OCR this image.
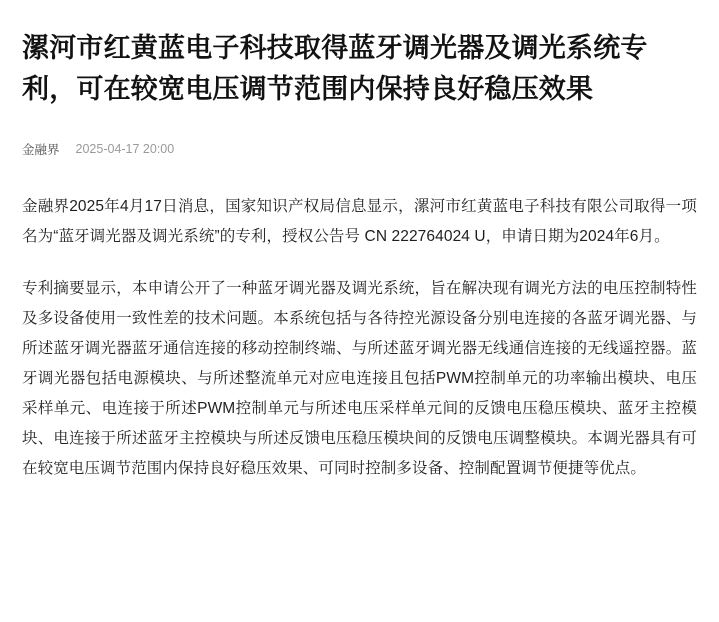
漯河市红黄蓝电子科技取得蓝牙调光器及调光系统专利，可在较宽电压调节范围内保持良好稳压效果
金融界 2025-04-17 20:00

金融界2025年4月17日消息，国家知识产权局信息显示，漯河市红黄蓝电子科技有限公司取得一项名为“蓝牙调光器及调光系统”的专利，授权公告号 CN 222764024 U，申请日期为2024年6月。

专利摘要显示，本申请公开了一种蓝牙调光器及调光系统，旨在解决现有调光方法的电压控制特性及多设备使用一致性差的技术问题。本系统包括与各待控光源设备分别电连接的各蓝牙调光器、与所述蓝牙调光器蓝牙通信连接的移动控制终端、与所述蓝牙调光器无线通信连接的无线遥控器。蓝牙调光器包括电源模块、与所述整流单元对应电连接且包括PWM控制单元的功率输出模块、电压采样单元、电连接于所述PWM控制单元与所述电压采样单元间的反馈电压稳压模块、蓝牙主控模块、电连接于所述蓝牙主控模块与所述反馈电压稳压模块间的反馈电压调整模块。本调光器具有可在较宽电压调节范围内保持良好稳压效果、可同时控制多设备、控制配置调节便捷等优点。
